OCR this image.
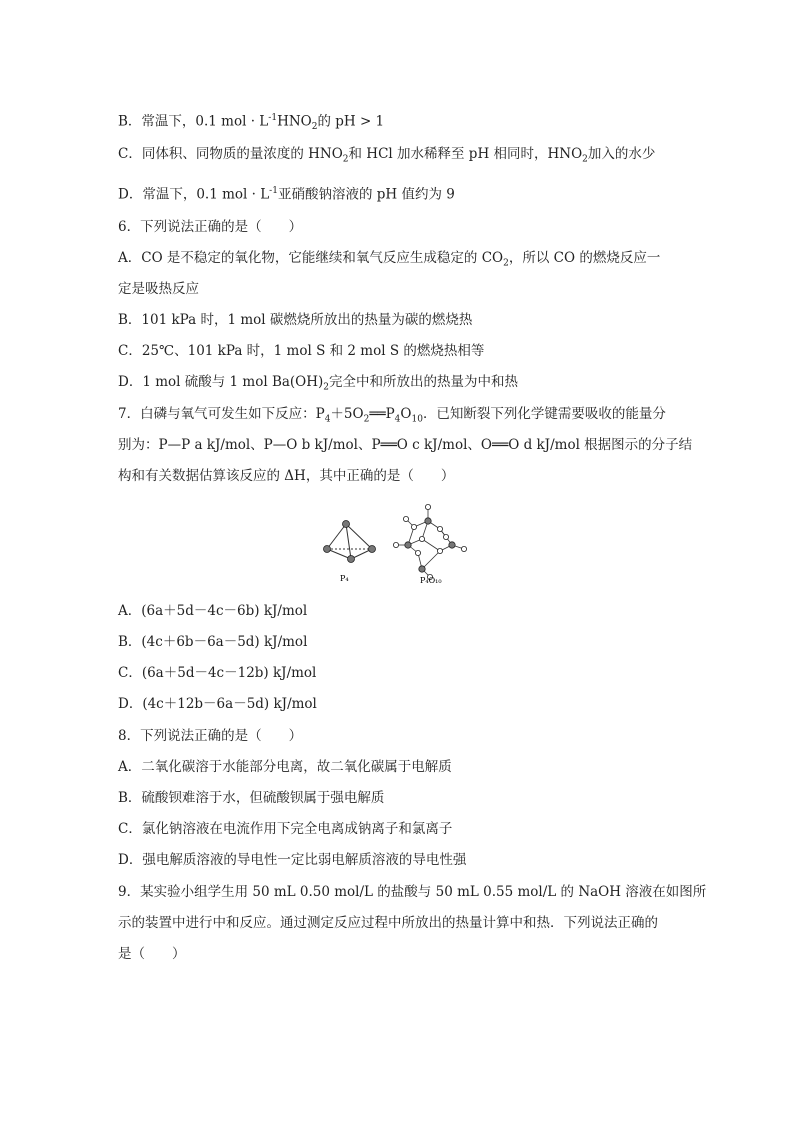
B．常温下，0.1 mol · $L^{-1}HNO_2$的 pH > 1
C．同体积、同物质的量浓度的 $HNO_2$和 HCl 加水稀释至 pH 相同时，$HNO_2$加入的水少
D．常温下，0.1 mol · $L^{-1}$亚硝酸钠溶液的 pH 值约为 9
6．下列说法正确的是（　　）
A．CO 是不稳定的氧化物，它能继续和氧气反应生成稳定的 $CO_2$，所以 CO 的燃烧反应一
定是吸热反应
B．101 kPa 时，1 mol 碳燃烧所放出的热量为碳的燃烧热
C．25℃、101 kPa 时，1 mol S 和 2 mol S 的燃烧热相等
D．1 mol 硫酸与 1 mol $Ba(OH)_2$完全中和所放出的热量为中和热
7．白磷与氧气可发生如下反应：$P_4+5O_2══P_4O_{10}$．已知断裂下列化学键需要吸收的能量分
别为：P—P a kJ/mol、P—O b kJ/mol、P══O c kJ/mol、O══O d kJ/mol 根据图示的分子结
构和有关数据估算该反应的 ΔH，其中正确的是（　　）
P₄	P₄O₁₀
A．(6a＋5d－4c－6b) kJ/mol
B．(4c＋6b－6a－5d) kJ/mol
C．(6a＋5d－4c－12b) kJ/mol
D．(4c＋12b－6a－5d) kJ/mol
8．下列说法正确的是（　　）
A．二氧化碳溶于水能部分电离，故二氧化碳属于电解质
B．硫酸钡难溶于水，但硫酸钡属于强电解质
C．氯化钠溶液在电流作用下完全电离成钠离子和氯离子
D．强电解质溶液的导电性一定比弱电解质溶液的导电性强
9．某实验小组学生用 50 mL 0.50 mol/L 的盐酸与 50 mL 0.55 mol/L 的 NaOH 溶液在如图所
示的装置中进行中和反应。通过测定反应过程中所放出的热量计算中和热．下列说法正确的
是（　　）
